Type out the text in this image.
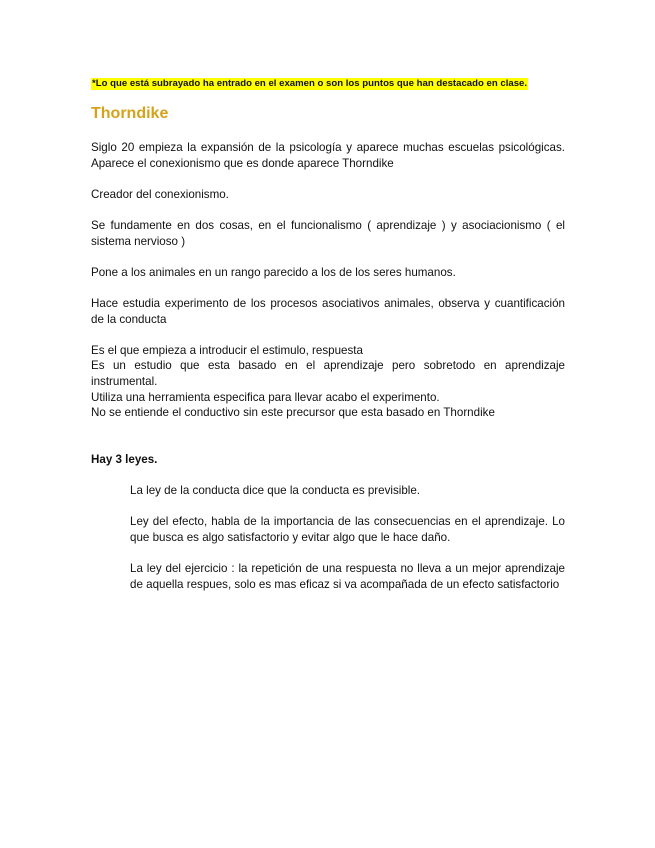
*Lo que está subrayado ha entrado en el examen o son los puntos que han destacado en clase.
Thorndike

Siglo 20 empieza la expansión de la psicología y aparece muchas escuelas psicológicas. Aparece el conexionismo que es donde aparece Thorndike

Creador del conexionismo.

Se fundamente en dos cosas, en el funcionalismo ( aprendizaje ) y asociacionismo ( el sistema nervioso )

Pone a los animales en un rango parecido a los de los seres humanos.

Hace estudia experimento de los procesos asociativos animales, observa y cuantificación de la conducta

Es el que empieza a introducir el estimulo, respuesta

Es un estudio que esta basado en el aprendizaje pero sobretodo en aprendizaje instrumental.

Utiliza una herramienta especifica para llevar acabo el experimento.

No se entiende el conductivo sin este precursor que esta basado en Thorndike

Hay 3 leyes.

La ley de la conducta dice que la conducta es previsible.

Ley del efecto, habla de la importancia de las consecuencias en el aprendizaje. Lo que busca es algo satisfactorio y evitar algo que le hace daño.

La ley del ejercicio : la repetición de una respuesta no lleva a un mejor aprendizaje de aquella respues, solo es mas eficaz si va acompañada de un efecto satisfactorio
